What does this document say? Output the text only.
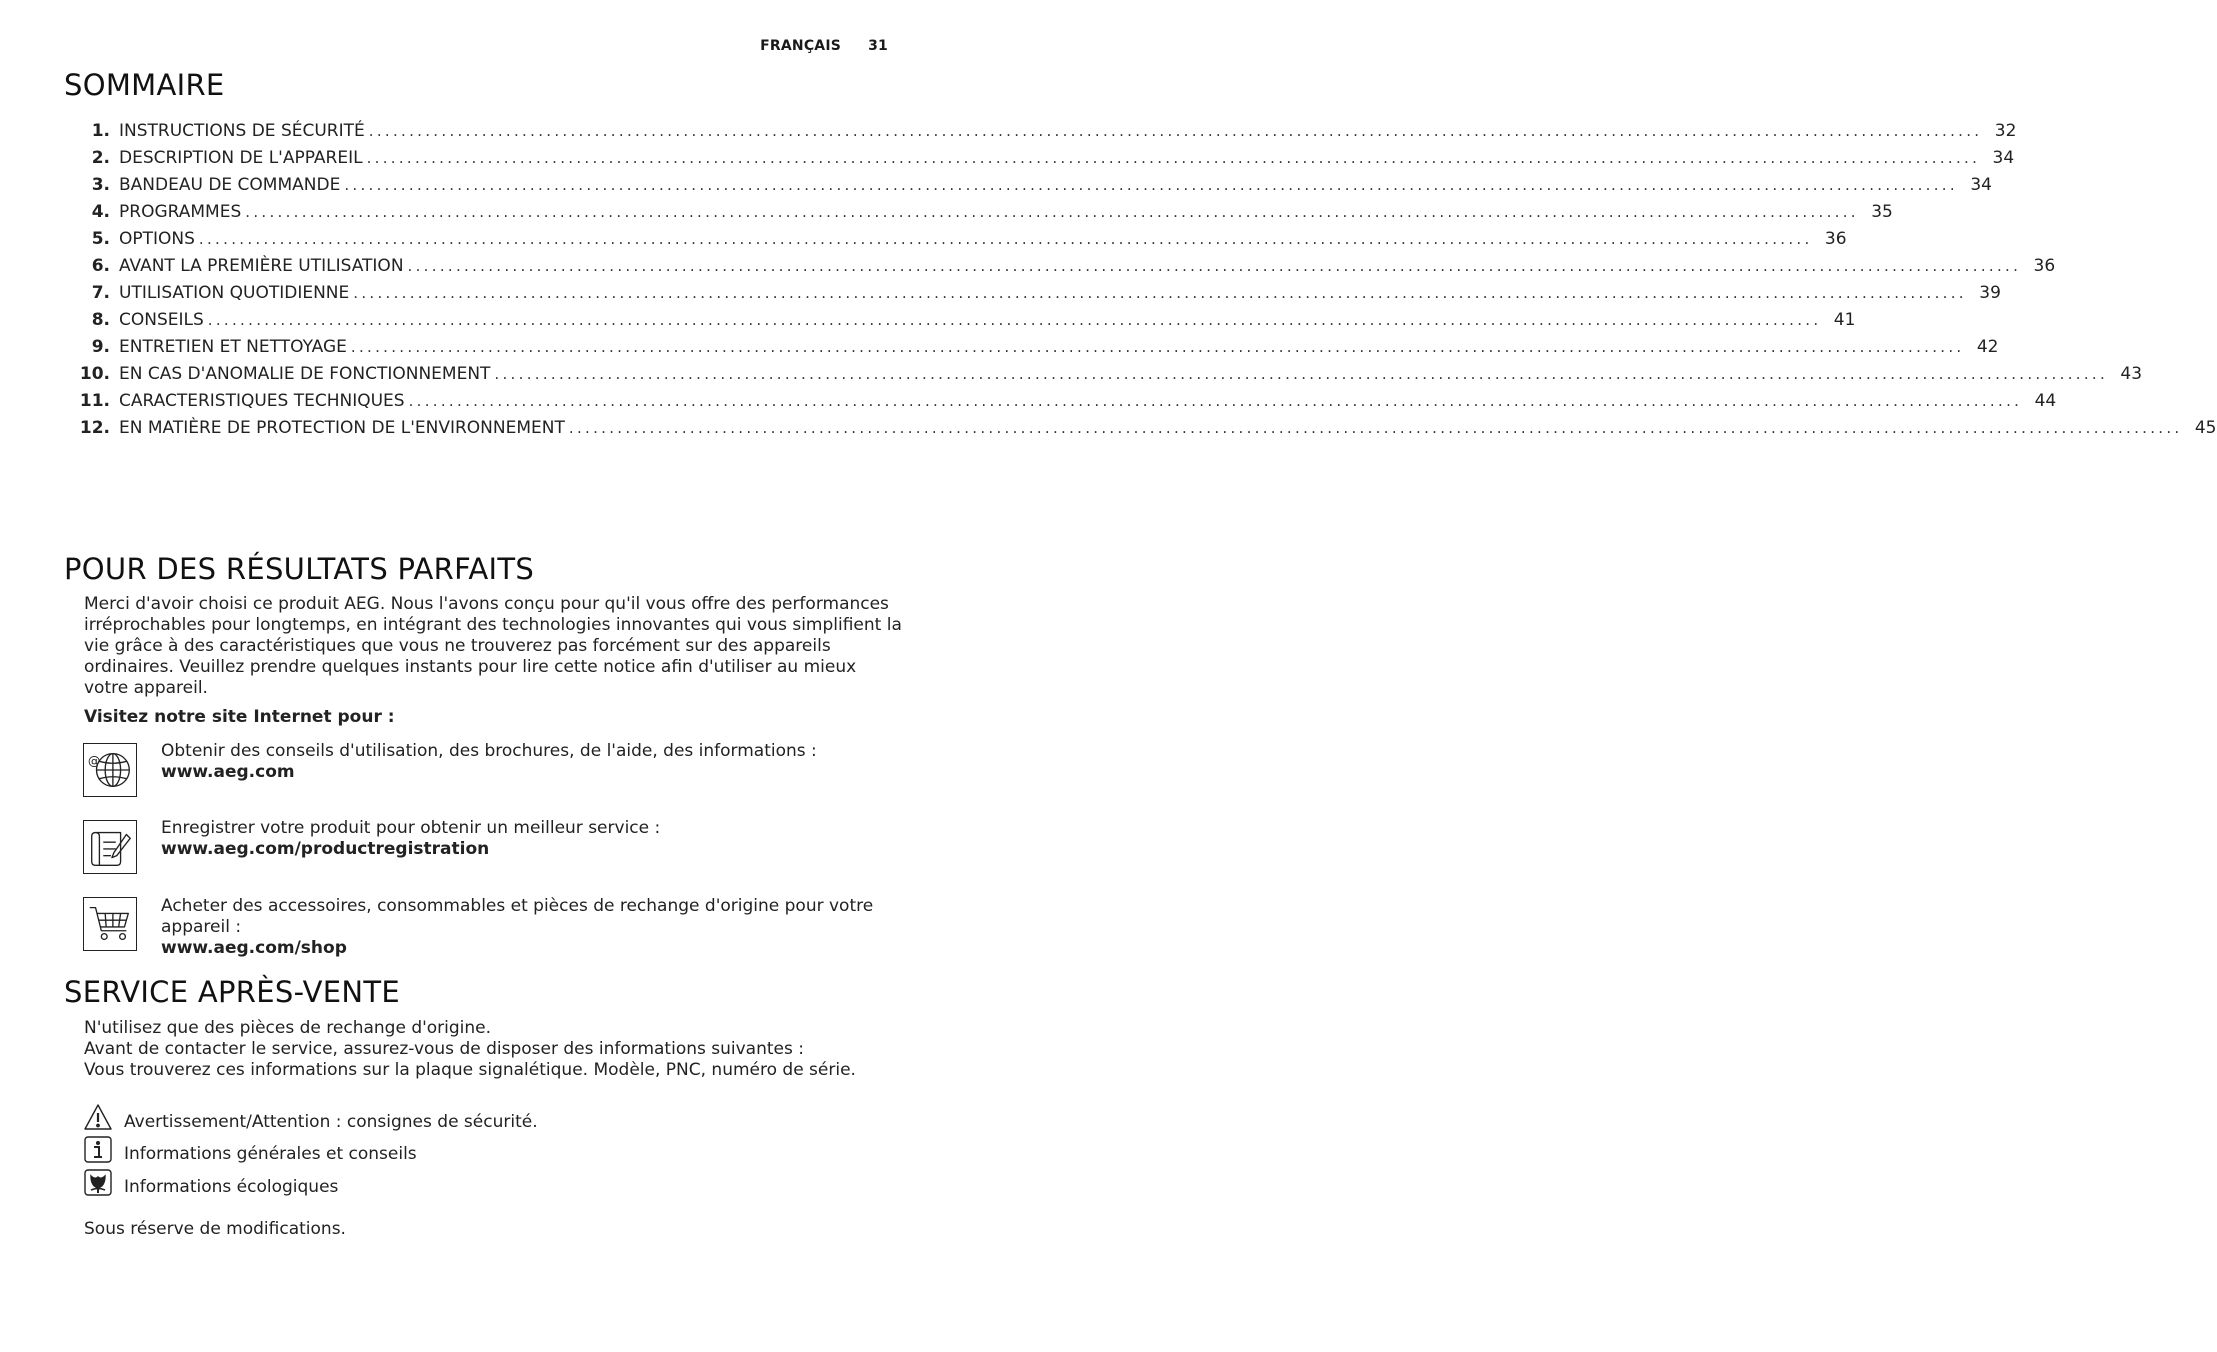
FRANÇAIS 31
SOMMAIRE
1. INSTRUCTIONS DE SÉCURITÉ ........................................................................................................................................................................................................ 32
2. DESCRIPTION DE L'APPAREIL ........................................................................................................................................................................................................ 34
3. BANDEAU DE COMMANDE ........................................................................................................................................................................................................ 34
4. PROGRAMMES ........................................................................................................................................................................................................ 35
5. OPTIONS ........................................................................................................................................................................................................ 36
6. AVANT LA PREMIÈRE UTILISATION ........................................................................................................................................................................................................ 36
7. UTILISATION QUOTIDIENNE ........................................................................................................................................................................................................ 39
8. CONSEILS ........................................................................................................................................................................................................ 41
9. ENTRETIEN ET NETTOYAGE ........................................................................................................................................................................................................ 42
10. EN CAS D'ANOMALIE DE FONCTIONNEMENT ........................................................................................................................................................................................................ 43
11. CARACTERISTIQUES TECHNIQUES ........................................................................................................................................................................................................ 44
12. EN MATIÈRE DE PROTECTION DE L'ENVIRONNEMENT ........................................................................................................................................................................................................ 45
POUR DES RÉSULTATS PARFAITS
Merci d'avoir choisi ce produit AEG. Nous l'avons conçu pour qu'il vous offre des performances irréprochables pour longtemps, en intégrant des technologies innovantes qui vous simplifient la vie grâce à des caractéristiques que vous ne trouverez pas forcément sur des appareils ordinaires. Veuillez prendre quelques instants pour lire cette notice afin d'utiliser au mieux votre appareil.
Visitez notre site Internet pour :
@	Obtenir des conseils d'utilisation, des brochures, de l'aide, des informations :
www.aeg.com
Enregistrer votre produit pour obtenir un meilleur service :
www.aeg.com/productregistration
Acheter des accessoires, consommables et pièces de rechange d'origine pour votre appareil :
www.aeg.com/shop
SERVICE APRÈS-VENTE
N'utilisez que des pièces de rechange d'origine.
Avant de contacter le service, assurez-vous de disposer des informations suivantes :
Vous trouverez ces informations sur la plaque signalétique. Modèle, PNC, numéro de série.
Avertissement/Attention : consignes de sécurité.
Informations générales et conseils
Informations écologiques
Sous réserve de modifications.
